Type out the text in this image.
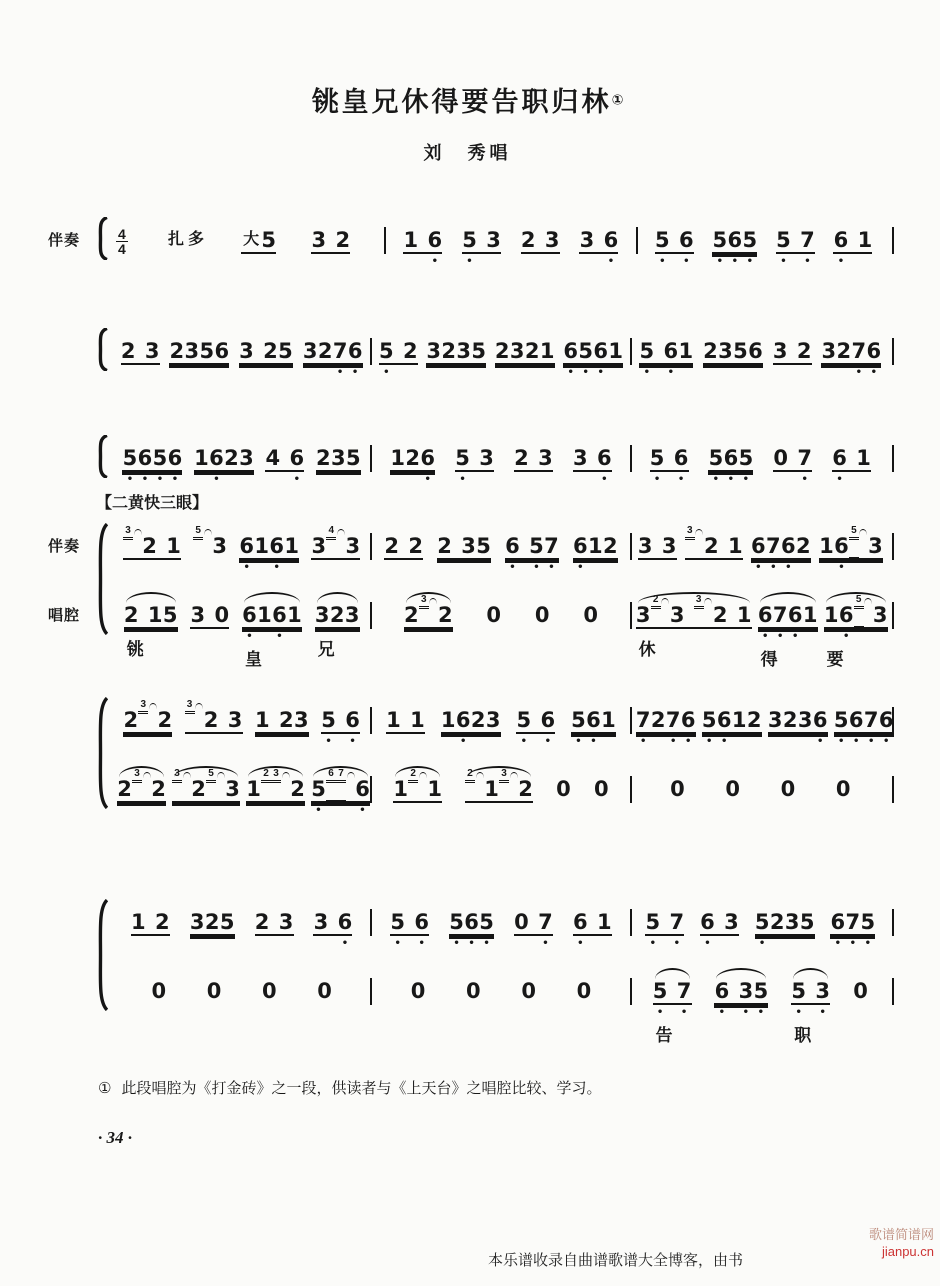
铫皇兄休得要告职归林①
刘　秀唱
伴奏	4
4
扎 多 大 5 3 2	1 6
•
5 3
•
2 3 3 6
•
5 6
•	•
5 6 5
• • •
5 7
•	•
6 1
•
2 3 2 3 5 6 3 2 5 3 2 7 6
• •
5 2
•
3 2 3 5 2 3 2 1 6 5 6 1
• • •
5 6 1
•	•
2 3 5 6 3 2 3 2 7 6
• •
5 6 5 6
• • • •
1 6 2 3
•
4 6
•
2 3 5 1 2 6
•
5 3
•
2 3 3 6
•
5 6
•	•
5 6 5
• • •
0 7
•
6 1
•
【二黄快三眼】
伴奏
3
2 1
5
3 6 1 6 1
•	•
3
4
3 2 2 2 3 5 6 5 7
•	• •
6 1 2
•
3 3
3
2 1 6 7 6 2
• • •
1 6
5
3
•
唱腔 2 1 5
铫
3 0 6 1 6 1
•	•
皇
3 2 3
兄
2
3
2 0 0 0 3
2
3
3
2 1
休
6 7 6 1
• • •
得
1 6
5
3
•
要
2
3
2
3
2 3 1 2 3 5 6
•	•
1 1 1 6 2 3
•
5 6
•	•
5 6 1
• •
7 2 7 6
•	• •
5 6 1 2
• •
3 2 3 6
•
5 6 7 6
• • • •
2
3
2
3
2
5
3 1
2 3
2 5
6 7
6
•	•
1
2
1
2
1
3
2 0 0	0 0 0 0
1 2 3 2 5 2 3 3 6
•
5 6
•	•
5 6 5
• • •
0 7
•
6 1
•
5 7
•	•
6 3
•
5 2 3 5
•
6 7 5
• • •
0 0 0 0	0 0 0 0	5 7
•	•
告
6 3 5
•	• •
5 3
•	•
职
0
① 此段唱腔为《打金砖》之一段，供读者与《上天台》之唱腔比较、学习。
· 34 ·
本乐谱收录自曲谱歌谱大全博客，由书
歌谱简谱网
jianpu.cn
